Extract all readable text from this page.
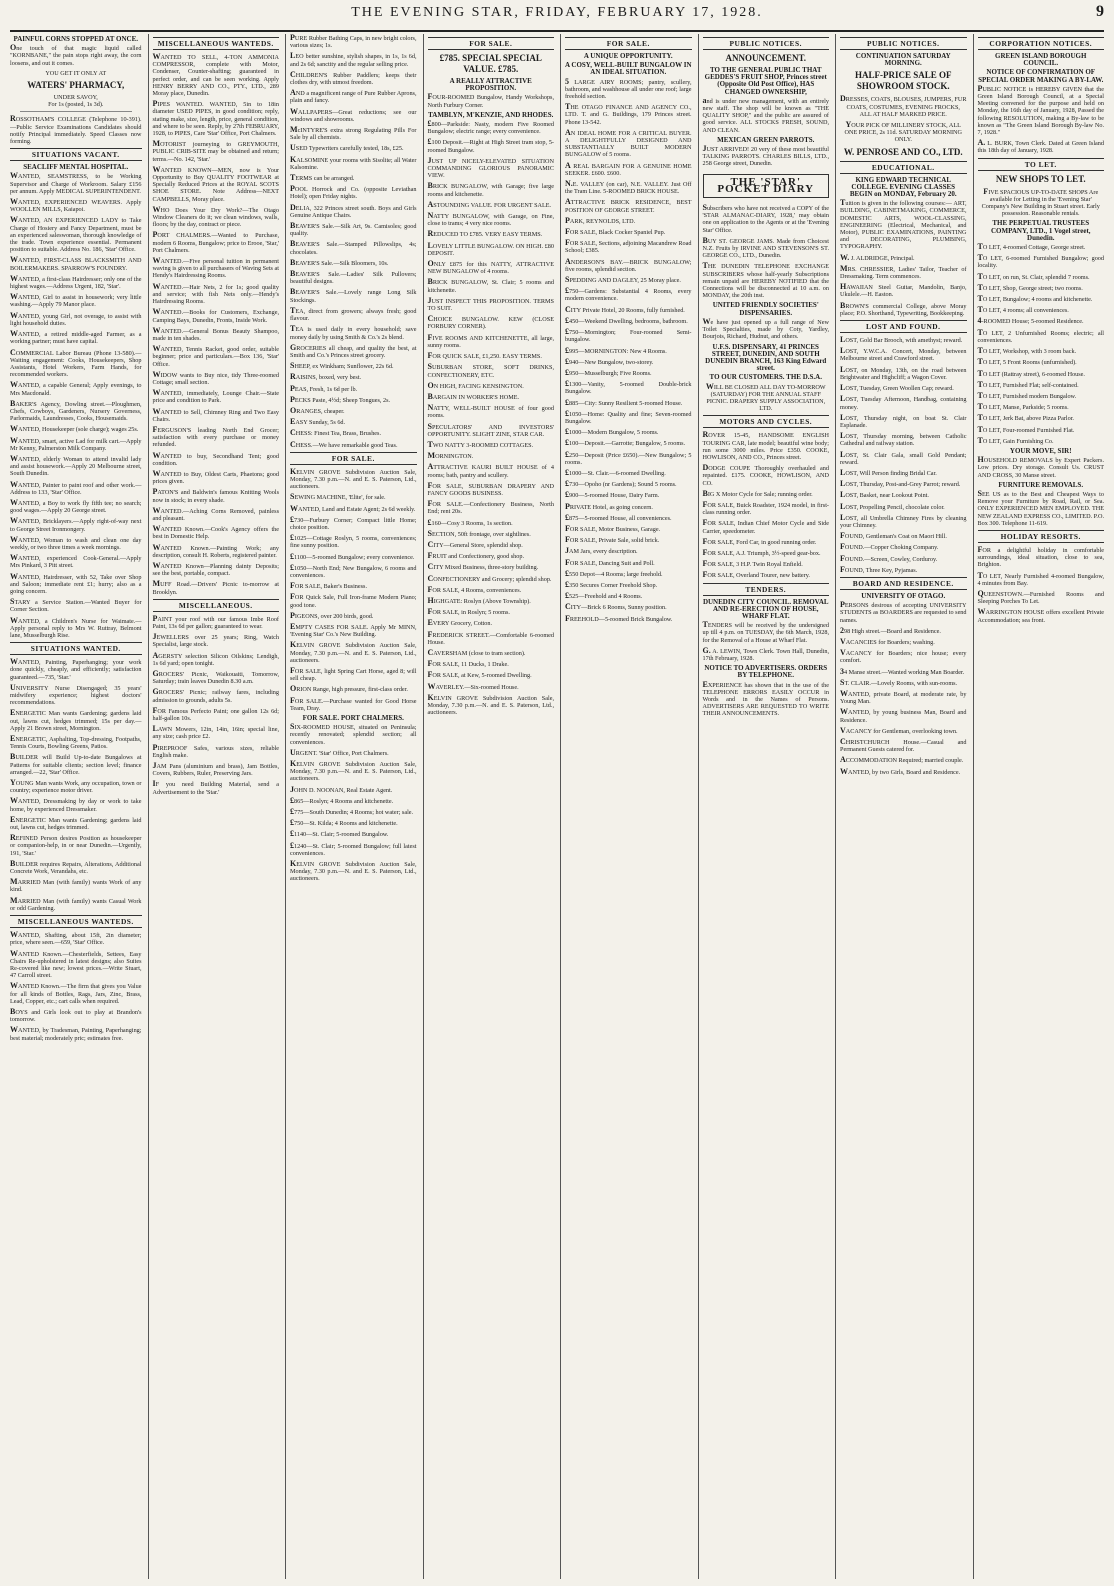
THE EVENING STAR, FRIDAY, FEBRUARY 17, 1928.	9
PAINFUL CORNS STOPPED AT ONCE.
One touch of that magic liquid called "KORNBANE," the pain stops right away, the corn loosens, and out it comes.
YOU GET IT ONLY AT
WATERS' PHARMACY,
UNDER SAVOY,
For 1s (posted, 1s 3d).
ROSSOTHAM'S COLLEGE (Telephone 10-391).—Public Service Examinations Candidates should notify Principal immediately. Speed Classes now forming.
SITUATIONS VACANT.
SEACLIFF MENTAL HOSPITAL.
WANTED, SEAMSTRESS, to be Working Supervisor and Charge of Workroom. Salary £156 per annum. Apply MEDICAL SUPERINTENDENT.
WANTED, EXPERIENCED WEAVERS. Apply WOOLLEN MILLS, Kaiapoi.
WANTED, AN EXPERIENCED LADY to Take Charge of Hosiery and Fancy Department, must be an experienced saleswoman, thorough knowledge of the trade. Town experience essential. Permanent position to suitable. Address No. 186, 'Star' Office.
WANTED, FIRST-CLASS BLACKSMITH AND BOILERMAKERS. SPARROW'S FOUNDRY.
WANTED, a first-class Hairdresser; only one of the highest wages.—Address Urgent, 182, 'Star'.
WANTED, Girl to assist in housework; very little washing.—Apply 79 Manor place.
WANTED, young Girl, not overage, to assist with light household duties.
WANTED, a retired middle-aged Farmer, as a working partner; must have capital.
COMMERCIAL Labor Bureau (Phone 13-580).—Waiting engagement: Cooks, Housekeepers, Shop Assistants, Hotel Workers, Farm Hands, for recommended workers.
WANTED, a capable General; Apply evenings, to Mrs Macdonald.
BAKER'S Agency, Dowling street.—Ploughmen, Chefs, Cowboys, Gardeners, Nursery Governess, Parlormaids, Laundresses, Cooks, Housemaids.
WANTED, Housekeeper (sole charge); wages 25s.
WANTED, smart, active Lad for milk cart.—Apply Mr Kenny, Palmerston Milk Company.
WANTED, elderly Woman to attend invalid lady and assist housework.—Apply 20 Melbourne street, South Dunedin.
WANTED, Painter to paint roof and other work.—Address to 133, 'Star' Office.
WANTED, a Boy to work fly fifth tee; no search; good wages.—Apply 20 George street.
WANTED, Bricklayers.—Apply right-of-way next to George Street Ironmongery.
WANTED, Woman to wash and clean one day weekly, or two three times a week mornings.
WANTED, experienced Cook-General.—Apply Mrs Pinkard, 3 Pitt street.
WANTED, Hairdresser, with 52, Take over Shop and Saloon; immediate rent £1; hurry; also as a going concern.
STARY a Service Station.—Wanted Buyer for Corner Section.
WANTED, a Children's Nurse for Waimate.—Apply personal reply to Mrs W. Ruttray, Belmont lane, Musselburgh Rise.
SITUATIONS WANTED.
WANTED, Painting, Paperhanging; your work done quickly, cheaply, and efficiently; satisfaction guaranteed.—735, 'Star.'
UNIVERSITY Nurse Disengaged; 35 years' midwifery experience; highest doctors' recommendations.
ENERGETIC Man wants Gardening; gardens laid out, lawns cut, hedges trimmed; 15s per day.—Apply 21 Brown street, Mornington.
ENERGETIC, Asphalting, Top-dressing, Footpaths, Tennis Courts, Bowling Greens, Patios.
BUILDER will Build Up-to-date Bungalows at Patterns for suitable clients; section level; finance arranged.—22, 'Star' Office.
YOUNG Man wants Work, any occupation, town or country; experience motor driver.
WANTED, Dressmaking by day or work to take home, by experienced Dressmaker.
ENERGETIC Man wants Gardening; gardens laid out, lawns cut, hedges trimmed.
REFINED Person desires Position as housekeeper or companion-help, in or near Dunedin.—Urgently, 191, 'Star.'
BUILDER requires Repairs, Alterations, Additional Concrete Work, Verandahs, etc.
MARRIED Man (with family) wants Work of any kind.
MARRIED Man (with family) wants Casual Work or odd Gardening.
MISCELLANEOUS WANTEDS.
WANTED, Shafting, about 15ft, 2in diameter; price, where seen.—659, 'Star' Office.
WANTED Known.—Chesterfields, Settees, Easy Chairs Re-upholstered in latest designs; also Suites Re-covered like new; lowest prices.—Write Stuart, 47 Carroll street.
WANTED Known.—The firm that gives you Value for all kinds of Bottles, Rags, Jars, Zinc, Brass, Lead, Copper, etc.; cart calls when required.
BOYS and Girls look out to play at Brandon's tomorrow.
WANTED, by Tradesman, Painting, Paperhanging; best material; moderately pric; estimates free.
MISCELLANEOUS WANTEDS.
WANTED TO SELL, 4-TON AMMONIA COMPRESSOR, complete with Motor, Condenser, Counter-shafting; guaranteed in perfect order, and can be seen working. Apply HENRY BERRY AND CO., PTY., LTD., 289 Moray place, Dunedin.
PIPES WANTED. WANTED, 5in to 18in diameter USED PIPES, in good condition; reply, stating make, size, length, price, general condition, and where to be seen. Reply, by 27th FEBRUARY, 1928, to PIPES, Care 'Star' Office, Port Chalmers.
MOTORIST journeying to GREYMOUTH, PUBLIC CRIB-SITE may be obtained and return; terms.—No. 142, 'Star.'
WANTED KNOWN—MEN, now is Your Opportunity to Buy QUALITY FOOTWEAR at Specially Reduced Prices at the ROYAL SCOTS SHOE STORE. Note Address—NEXT CAMPBELLS, Moray place.
WHO Does Your Dry Work?—The Otago Window Cleaners do it; we clean windows, walls, floors; by the day, contract or piece.
PORT CHALMERS.—Wanted to Purchase, modern 6 Rooms, Bungalow; price to Erooe, 'Star,' Port Chalmers.
WANTED.—Five personal tuition in permanent waving is given to all purchasers of Waving Sets at Hendy's Hairdressing Rooms.
WANTED.—Hair Nets, 2 for 1s; good quality and service; with fish Nets only.—Hendy's Hairdressing Rooms.
WANTED.—Books for Customers, Exchange, Camping Bays, Dunedin, Fronts, Inside Work.
WANTED.—General Bonus Beauty Shampoo, made in ten shades.
WANTED, Tennis Racket, good order, suitable beginner; price and particulars.—Box 136, 'Star' Office.
WIDOW wants to Buy nice, tidy Three-roomed Cottage; small section.
WANTED, immediately, Lounge Chair.—State price and condition to Park.
WANTED to Sell, Chimney Ring and Two Easy Chairs.
FERGUSON'S leading North End Grocer; satisfaction with every purchase or money refunded.
WANTED to buy, Secondhand Tent; good condition.
WANTED to Buy, Oldest Carts, Phaetons; good prices given.
PATON'S and Baldwin's famous Knitting Wools now in stock; in every shade.
WANTED.—Aching Corns Removed, painless and pleasant.
WANTED Known.—Cook's Agency offers the best in Domestic Help.
WANTED Known.—Painting Work; any description, consult H. Roberts, registered painter.
WANTED Known—Planning dainty Deposits; see the best, portable, compact.
MUFF Road.—Drivers' Picnic to-morrow at Brooklyn.
MISCELLANEOUS.
PAINT your roof with our famous Imbe Roof Paint, 13s 6d per gallon; guaranteed to wear.
JEWELLERS over 25 years; Ring, Watch Specialist, large stock.
AGERSTY selection Silicon Oilskins; Lendigh, 1s 6d yard; open tonight.
GROCERS' Picnic, Waikouaiti, Tomorrow, Saturday; train leaves Dunedin 8.30 a.m.
GROCERS' Picnic; railway fares, including admission to grounds, adults 5s.
FOR Famous Perfecto Paint; one gallon 12s 6d; half-gallon 10s.
LAWN Mowers, 12in, 14in, 16in; special line, any size; cash price £2.
PIREPROOF Safes, various sizes, reliable English make.
JAM Pans (aluminium and brass), Jam Bottles, Covers, Rubbers, Ruler, Preserving Jars.
IF you need Building Material, send a Advertisement to the 'Star.'
PURE Rubber Bathing Caps, in new bright colors, various sizes; 1s.
LEO better sunshine, stylish shapes, in 1s, 1s 6d, and 2s 6d; sanctity and the regular selling price.
CHILDREN'S Rubber Paddlers; keeps their clothes dry, with utmost freedom.
AND a magnificent range of Pure Rubber Aprons, plain and fancy.
WALLPAPERS—Great reductions; see our windows and showrooms.
McINTYRE'S extra strong Regulating Pills For Sale by all chemists.
USED Typewriters carefully tested, 18s, £25.
KALSOMINE your rooms with Sisolite; all Water Kalsomine.
TERMS can be arranged.
POOL Horrock and Co. (opposite Leviathan Hotel); open Friday nights.
DELIA, 322 Princes street south. Boys and Girls Genuine Antique Chairs.
BEAVER'S Sale.—Silk Art, 9s. Camisoles; good quality.
BEAVER'S Sale.—Stamped Pillowslips, 4s; chocolates.
BEAVER'S Sale.—Silk Bloomers, 10s.
BEAVER'S Sale.—Ladies' Silk Pullovers; beautiful designs.
BEAVER'S Sale.—Lovely range Long Silk Stockings.
TEA, direct from growers; always fresh; good flavour.
TEA is used daily in every household; save money daily by using Smith & Co.'s 2s blend.
GROCERIES all cheap, and quality the best, at Smith and Co.'s Princes street grocery.
SHEEP, ex Winkham; Sunflower, 22s 6d.
RAISINS, boxed, very best.
PEAS, Fresh, 1s 6d per lb.
PECKS Paste, 4½d; Sheep Tongues, 2s.
ORANGES, cheaper.
EASY Sunday, 5s 6d.
CHESS: Finest Tea, Brass, Brushes.
CHESS.—We have remarkable good Teas.
FOR SALE.
KELVIN GROVE Subdivision Auction Sale, Monday, 7.30 p.m.—N. and E. S. Paterson, Ltd., auctioneers.
SEWING MACHINE, 'Elite', for sale.
WANTED, Land and Estate Agent; 2s 6d weekly.
£730—Furbury Corner; Compact little Home; choice position.
£1025—Cottage Roslyn, 5 rooms, conveniences; fine sunny position.
£1100—5-roomed Bungalow; every convenience.
£1050—North End; New Bungalow, 6 rooms and conveniences.
FOR SALE, Baker's Business.
FOR Quick Sale, Full Iron-frame Modern Piano; good tone.
PIGEONS, over 200 birds, good.
EMPTY CASES FOR SALE. Apply Mr MINN, 'Evening Star' Co.'s New Building.
KELVIN GROVE Subdivision Auction Sale, Monday, 7.30 p.m.—N. and E. S. Paterson, Ltd., auctioneers.
FOR SALE, light Spring Cart Horse, aged 8; will sell cheap.
ORION Range, high pressure, first-class order.
FOR SALE.—Purchase wanted for Good Horse Team, Dray.
FOR SALE. PORT CHALMERS.
SIX-ROOMED HOUSE, situated on Peninsula; recently renovated; splendid section; all conveniences.
URGENT. 'Star' Office, Port Chalmers.
KELVIN GROVE Subdivision Auction Sale, Monday, 7.30 p.m.—N. and E. S. Paterson, Ltd., auctioneers.
JOHN D. NOONAN, Real Estate Agent.
£865—Roslyn; 4 Rooms and kitchenette.
£775—South Dunedin; 4 Rooms; hot water; sale.
£750—St. Kilda; 4 Rooms and kitchenette.
£1140—St. Clair; 5-roomed Bungalow.
£1240—St. Clair; 5-roomed Bungalow; full latest conveniences.
KELVIN GROVE Subdivision Auction Sale, Monday, 7.30 p.m.—N. and E. S. Paterson, Ltd., auctioneers.
FOR SALE.
£785. SPECIAL SPECIAL VALUE. £785.
A REALLY ATTRACTIVE PROPOSITION.
FOUR-ROOMED Bungalow, Handy Workshops, North Furbury Corner.
TAMBLYN, M'KENZIE, AND RHODES.
£800—Parkside: Nasty, modern Five Roomed Bungalow; electric range; every convenience.
£100 Deposit.—Right at High Street tram stop, 5-roomed Bungalow.
JUST UP NICELY-ELEVATED SITUATION COMMANDING GLORIOUS PANORAMIC VIEW.
BRICK BUNGALOW, with Garage; five large rooms and kitchenette.
ASTOUNDING VALUE. FOR URGENT SALE.
NATTY BUNGALOW, with Garage, on Fine, close to trams; 4 very nice rooms.
REDUCED TO £785. VERY EASY TERMS.
LOVELY LITTLE BUNGALOW. ON HIGH. £80 DEPOSIT.
ONLY £875 for this NATTY, ATTRACTIVE NEW BUNGALOW of 4 rooms.
BRICK BUNGALOW, St. Clair; 5 rooms and kitchenette.
JUST INSPECT THIS PROPOSITION. TERMS TO SUIT.
CHOICE BUNGALOW. KEW (CLOSE FORBURY CORNER).
FIVE ROOMS AND KITCHENETTE, all large, sunny rooms.
FOR QUICK SALE, £1,250. EASY TERMS.
SUBURBAN STORE, SOFT DRINKS, CONFECTIONERY, ETC.
ON HIGH, FACING KENSINGTON.
BARGAIN IN WORKER'S HOME.
NATTY, WELL-BUILT HOUSE of four good rooms.
SPECULATORS' AND INVESTORS' OPPORTUNITY. SLIGHT ZINE, STAR CAR.
TWO NATTY 3-ROOMED COTTAGES.
MORNINGTON.
ATTRACTIVE KAURI BUILT HOUSE of 4 rooms; bath, pantry and scullery.
FOR SALE, SUBURBAN DRAPERY AND FANCY GOODS BUSINESS.
FOR SALE.—Confectionery Business, North End; rent 20s.
£160—Cosy 3 Rooms, 1s section.
SECTION, 50ft frontage, over sightlines.
CITY—General Store, splendid shop.
FRUIT and Confectionery, good shop.
CITY Mixed Business, three-story building.
CONFECTIONERY and Grocery; splendid shop.
FOR SALE, 4 Rooms, conveniences.
HIGHGATE: Roslyn (Above Township).
FOR SALE, in Roslyn; 5 rooms.
EVERY Grocery, Cotton.
FREDERICK STREET.—Comfortable 6-roomed House.
CAVERSHAM (close to tram section).
FOR SALE, 11 Ducks, 1 Drake.
FOR SALE, at Kew, 5-roomed Dwelling.
WAVERLEY.—Six-roomed House.
KELVIN GROVE Subdivision Auction Sale, Monday, 7.30 p.m.—N. and E. S. Paterson, Ltd., auctioneers.
FOR SALE.
A UNIQUE OPPORTUNITY.
A COSY, WELL-BUILT BUNGALOW IN AN IDEAL SITUATION.
5 LARGE AIRY ROOMS; pantry, scullery, bathroom, and washhouse all under one roof; large freehold section.
THE OTAGO FINANCE AND AGENCY CO., LTD. T. and G. Buildings, 179 Princes street. Phone 13-542.
AN IDEAL HOME FOR A CRITICAL BUYER. A DELIGHTFULLY DESIGNED AND SUBSTANTIALLY BUILT MODERN BUNGALOW of 5 rooms.
A REAL BARGAIN FOR A GENUINE HOME SEEKER. £600. £600.
N.E. VALLEY (on car), N.E. VALLEY. Just Off the Tram Line. 5-ROOMED BRICK HOUSE.
ATTRACTIVE BRICK RESIDENCE, BEST POSITION OF GEORGE STREET.
PARK, REYNOLDS, LTD.
FOR SALE, Black Cocker Spaniel Pup.
FOR SALE, Sections, adjoining Macandrew Road School; £385.
ANDERSON'S BAY.—BRICK BUNGALOW; five rooms, splendid section.
SPEDDING AND DAGLEY, 25 Moray place.
£750—Gardens: Substantial 4 Rooms, every modern convenience.
CITY Private Hotel, 20 Rooms, fully furnished.
£450—Weekend Dwelling, bedrooms, bathroom.
£750—Mornington; Four-roomed Semi-bungalow.
£995—MORNINGTON: New 4 Rooms.
£940—New Bungalow, two-storey.
£950—Musselburgh; Five Rooms.
£1300—Vanity, 5-roomed Double-brick Bungalow.
£885—City: Sunny Resilient 5-roomed House.
£1050—Home: Quality and fine; Seven-roomed Bungalow.
£1000—Modern Bungalow, 5 rooms.
£100—Deposit.—Garrotte; Bungalow, 5 rooms.
£250—Deposit (Price £650).—New Bungalow; 5 rooms.
£1000—St. Clair.—6-roomed Dwelling.
£730—Opoho (nr Gardens); Sound 5 rooms.
£900—5-roomed House, Dairy Farm.
PRIVATE Hotel, as going concern.
£875—5-roomed House, all conveniences.
FOR SALE, Motor Business, Garage.
FOR SALE, Private Sale, solid brick.
JAM Jars, every description.
FOR SALE, Dancing Suit and Poll.
£550 Depot—4 Rooms; large freehold.
£350 Secures Corner Freehold Shop.
£525—Freehold and 4 Rooms.
CITY—Brick 6 Rooms, Sunny position.
FREEHOLD—5-roomed Brick Bungalow.
PUBLIC NOTICES.
ANNOUNCEMENT.
TO THE GENERAL PUBLIC THAT GEDDES'S FRUIT SHOP, Princes street (Opposite Old Post Office), HAS CHANGED OWNERSHIP,
and is under new management, with an entirely new staff. The shop will be known as "THE QUALITY SHOP," and the public are assured of good service. ALL STOCKS FRESH, SOUND, AND CLEAN.
MEXICAN GREEN PARROTS.
JUST ARRIVED! 20 very of these most beautiful TALKING PARROTS. CHARLES BILLS, LTD., 258 George street, Dunedin.
THE 'STAR' POCKET DIARY
Subscribers who have not received a COPY of the 'STAR ALMANAC-DIARY, 1928,' may obtain one on application to the Agents or at the 'Evening Star' Office.
BUY ST. GEORGE JAMS. Made from Choicest N.Z. Fruits by IRVINE AND STEVENSON'S ST. GEORGE CO., LTD., Dunedin.
THE DUNEDIN TELEPHONE EXCHANGE SUBSCRIBERS whose half-yearly Subscriptions remain unpaid are HEREBY NOTIFIED that the Connections will be disconnected at 10 a.m. on MONDAY, the 20th inst.
UNITED FRIENDLY SOCIETIES' DISPENSARIES.
We have just opened up a full range of New Toilet Specialties, made by Coty, Yardley, Bourjois, Richard, Hudnut, and others.
U.F.S. DISPENSARY, 41 PRINCES STREET, DUNEDIN, AND SOUTH DUNEDIN BRANCH, 163 King Edward street.
TO OUR CUSTOMERS. THE D.S.A.
WILL BE CLOSED ALL DAY TO-MORROW (SATURDAY) FOR THE ANNUAL STAFF PICNIC. DRAPERY SUPPLY ASSOCIATION, LTD.
MOTORS AND CYCLES.
ROVER 15-45, HANDSOME ENGLISH TOURING CAR, late model; beautiful wine body; run some 3000 miles. Price £350. COOKE, HOWLISON, AND CO., Princes street.
DODGE COUPE Thoroughly overhauled and repainted. £175. COOKE, HOWLISON, AND CO.
BIG X Motor Cycle for Sale; running order.
FOR SALE, Buick Roadster, 1924 model, in first-class running order.
FOR SALE, Indian Chief Motor Cycle and Side Carrier, speedometer.
FOR SALE, Ford Car, in good running order.
FOR SALE, A.J. Triumph, 3½-speed gear-box.
FOR SALE, 3 H.P. Twin Royal Enfield.
FOR SALE, Overland Tourer, new battery.
TENDERS.
DUNEDIN CITY COUNCIL. REMOVAL AND RE-ERECTION OF HOUSE, WHARF FLAT.
TENDERS will be received by the undersigned up till 4 p.m. on TUESDAY, the 6th March, 1928, for the Removal of a House at Wharf Flat.
G. A. LEWIN, Town Clerk. Town Hall, Dunedin, 17th February, 1928.
NOTICE TO ADVERTISERS. ORDERS BY TELEPHONE.
EXPERIENCE has shown that in the use of the TELEPHONE ERRORS EASILY OCCUR in Words and in the Names of Persons. ADVERTISERS ARE REQUESTED TO WRITE THEIR ANNOUNCEMENTS.
PUBLIC NOTICES.
CONTINUATION SATURDAY MORNING.
HALF-PRICE SALE OF SHOWROOM STOCK.
DRESSES, COATS, BLOUSES, JUMPERS, FUR COATS, COSTUMES, EVENING FROCKS, ALL AT HALF MARKED PRICE.
YOUR PICK OF MILLINERY STOCK, ALL ONE PRICE, 2s 11d. SATURDAY MORNING ONLY.
W. PENROSE AND CO., LTD.
EDUCATIONAL.
KING EDWARD TECHNICAL COLLEGE. EVENING CLASSES BEGIN on MONDAY, February 20.
Tuition is given in the following courses:— ART, BUILDING, CABINETMAKING, COMMERCE, DOMESTIC ARTS, WOOL-CLASSING, ENGINEERING (Electrical, Mechanical, and Motor), PUBLIC EXAMINATIONS, PAINTING and DECORATING, PLUMBING, TYPOGRAPHY.
W. J. ALDRIDGE, Principal.
MRS. CHRESSIER, Ladies' Tailor, Teacher of Dressmaking. Term commences.
HAWAIIAN Steel Guitar, Mandolin, Banjo, Ukulele.—H. Easton.
BROWN'S commercial College, above Moray place; P.O. Shorthand, Typewriting, Bookkeeping.
LOST AND FOUND.
LOST, Gold Bar Brooch, with amethyst; reward.
LOST, Y.W.C.A. Concert, Monday, between Melbourne street and Crawford street.
LOST, on Monday, 13th, on the road between Brightwater and Highcliff; a Wagon Cover.
LOST, Tuesday, Green Woollen Cap; reward.
LOST, Tuesday Afternoon, Handbag, containing money.
LOST, Thursday night, on boat St. Clair Esplanade.
LOST, Thursday morning, between Catholic Cathedral and railway station.
LOST, St. Clair Gala, small Gold Pendant; reward.
LOST, Will Person finding Bridal Car.
LOST, Thursday, Post-and-Grey Parrot; reward.
LOST, Basket, near Lookout Point.
LOST, Propelling Pencil, chocolate color.
LOST, all Umbrella Chimney Fires by cleaning your Chimney.
FOUND, Gentleman's Coat on Maori Hill.
FOUND.—Copper Choking Company.
FOUND.—Screen, Cowley, Corduroy.
FOUND, Three Key, Pyjamas.
BOARD AND RESIDENCE.
UNIVERSITY OF OTAGO.
PERSONS desirous of accepting UNIVERSITY STUDENTS as BOARDERS are requested to send names.
298 High street.—Board and Residence.
VACANCIES for Boarders; washing.
VACANCY for Boarders; nice house; every comfort.
34 Manse street.—Wanted working Man Boarder.
ST. CLAIR.—Lovely Rooms, with sun-rooms.
WANTED, private Board, at moderate rate, by Young Man.
WANTED, by young business Man, Board and Residence.
VACANCY for Gentleman, overlooking town.
CHRISTCHURCH House.—Casual and Permanent Guests catered for.
ACCOMMODATION Required; married couple.
WANTED, by two Girls, Board and Residence.
CORPORATION NOTICES.
GREEN ISLAND BOROUGH COUNCIL.
NOTICE OF CONFIRMATION OF SPECIAL ORDER MAKING A BY-LAW.
PUBLIC NOTICE is HEREBY GIVEN that the Green Island Borough Council, at a Special Meeting convened for the purpose and held on Monday, the 16th day of January, 1928, Passed the following RESOLUTION, making a By-law to be known as "The Green Island Borough By-law No. 7, 1928."
A. L. BURK, Town Clerk. Dated at Green Island this 18th day of January, 1928.
TO LET.
NEW SHOPS TO LET.
FIVE SPACIOUS UP-TO-DATE SHOPS Are available for Letting in the 'Evening Star' Company's New Building in Stuart street. Early possession. Reasonable rentals.
THE PERPETUAL TRUSTEES COMPANY, LTD., 1 Vogel street, Dunedin.
TO LET, 4-roomed Cottage, George street.
TO LET, 6-roomed Furnished Bungalow; good locality.
TO LET, on run, St. Clair, splendid 7 rooms.
TO LET, Shop, George street; two rooms.
TO LET, Bungalow; 4 rooms and kitchenette.
TO LET, 4 rooms; all conveniences.
4-ROOMED House; 5-roomed Residence.
TO LET, 2 Unfurnished Rooms; electric; all conveniences.
TO LET, Workshop, with 3 room back.
TO LET, 5 Front Rooms (unfurnished).
TO LET (Rattray street), 6-roomed House.
TO LET, Furnished Flat; self-contained.
TO LET, Furnished modern Bungalow.
TO LET, Manse, Parkside; 5 rooms.
TO LET, Jerk Bat, above Pizza Parlor.
TO LET, Four-roomed Furnished Flat.
TO LET, Gain Furnishing Co.
YOUR MOVE, SIR!
HOUSEHOLD REMOVALS by Expert Packers. Low prices. Dry storage. Consult Us. CRUST AND CROSS, 30 Manse street.
FURNITURE REMOVALS.
SEE US as to the Best and Cheapest Ways to Remove your Furniture by Road, Rail, or Sea. ONLY EXPERIENCED MEN EMPLOYED. THE NEW ZEALAND EXPRESS CO., LIMITED. P.O. Box 300. Telephone 11-619.
HOLIDAY RESORTS.
FOR a delightful holiday in comfortable surroundings, ideal situation, close to sea, Brighton.
TO LET, Nearly Furnished 4-roomed Bungalow, 4 minutes from Bay.
QUEENSTOWN.—Furnished Rooms and Sleeping Porches To Let.
WARRINGTON HOUSE offers excellent Private Accommodation; sea front.
